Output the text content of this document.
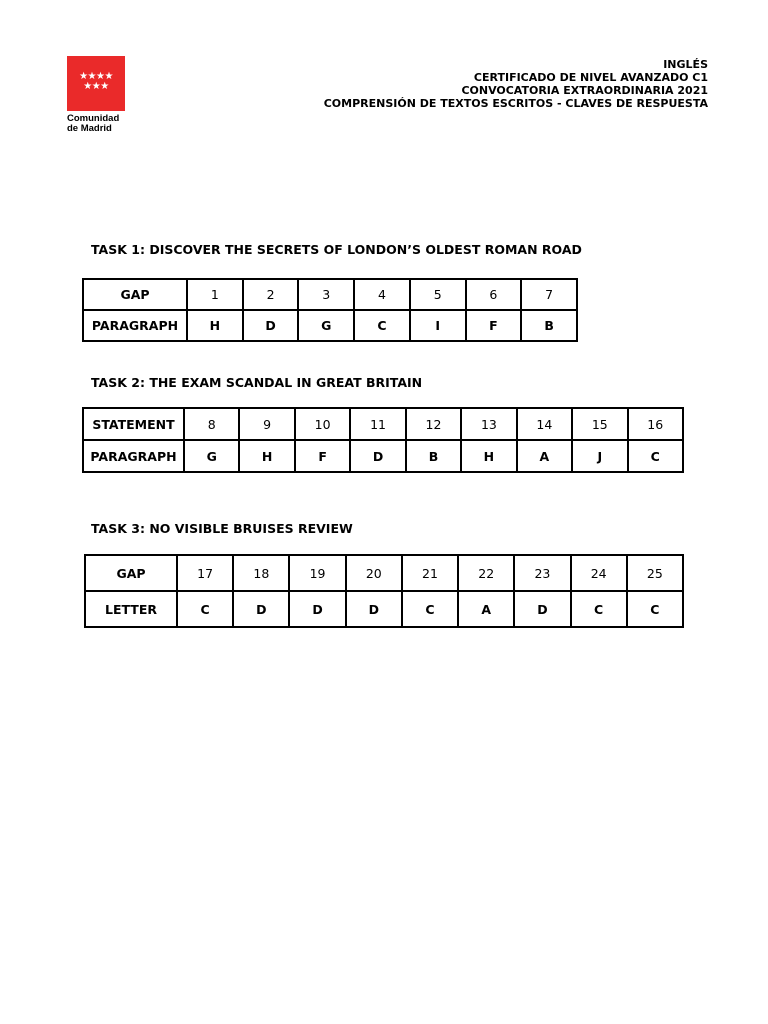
★★★★
★★★
Comunidad
de Madrid
INGLÉS
CERTIFICADO DE NIVEL AVANZADO C1
CONVOCATORIA EXTRAORDINARIA 2021
COMPRENSIÓN DE TEXTOS ESCRITOS - CLAVES DE RESPUESTA
TASK 1: DISCOVER THE SECRETS OF LONDON’S OLDEST ROMAN ROAD
GAP	1	2	3	4	5	6	7
PARAGRAPH	H	D	G	C	I	F	B
TASK 2: THE EXAM SCANDAL IN GREAT BRITAIN
STATEMENT	8	9	10	11	12	13	14	15	16
PARAGRAPH	G	H	F	D	B	H	A	J	C
TASK 3: NO VISIBLE BRUISES REVIEW
GAP	17	18	19	20	21	22	23	24	25
LETTER	C	D	D	D	C	A	D	C	C
